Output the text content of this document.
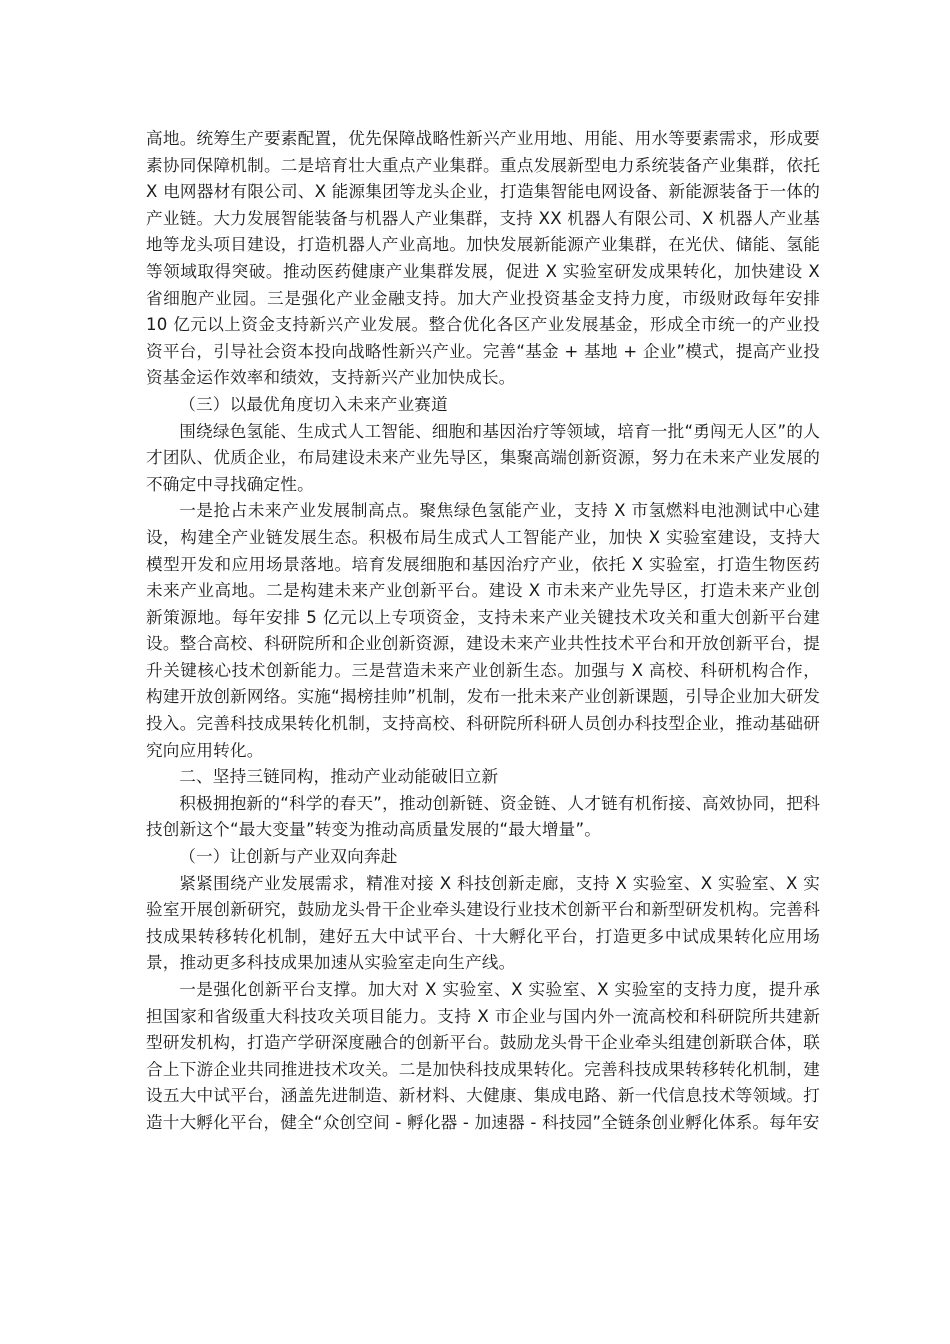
高地。统筹生产要素配置，优先保障战略性新兴产业用地、用能、用水等要素需求，形成要素协同保障机制。二是培育壮大重点产业集群。重点发展新型电力系统装备产业集群，依托 X 电网器材有限公司、X 能源集团等龙头企业，打造集智能电网设备、新能源装备于一体的产业链。大力发展智能装备与机器人产业集群，支持 XX 机器人有限公司、X 机器人产业基地等龙头项目建设，打造机器人产业高地。加快发展新能源产业集群，在光伏、储能、氢能等领域取得突破。推动医药健康产业集群发展，促进 X 实验室研发成果转化，加快建设 X 省细胞产业园。三是强化产业金融支持。加大产业投资基金支持力度，市级财政每年安排 10 亿元以上资金支持新兴产业发展。整合优化各区产业发展基金，形成全市统一的产业投资平台，引导社会资本投向战略性新兴产业。完善“基金 + 基地 + 企业”模式，提高产业投资基金运作效率和绩效，支持新兴产业加快成长。

（三）以最优角度切入未来产业赛道

围绕绿色氢能、生成式人工智能、细胞和基因治疗等领域，培育一批“勇闯无人区”的人才团队、优质企业，布局建设未来产业先导区，集聚高端创新资源，努力在未来产业发展的不确定中寻找确定性。

一是抢占未来产业发展制高点。聚焦绿色氢能产业，支持 X 市氢燃料电池测试中心建设，构建全产业链发展生态。积极布局生成式人工智能产业，加快 X 实验室建设，支持大模型开发和应用场景落地。培育发展细胞和基因治疗产业，依托 X 实验室，打造生物医药未来产业高地。二是构建未来产业创新平台。建设 X 市未来产业先导区，打造未来产业创新策源地。每年安排 5 亿元以上专项资金，支持未来产业关键技术攻关和重大创新平台建设。整合高校、科研院所和企业创新资源，建设未来产业共性技术平台和开放创新平台，提升关键核心技术创新能力。三是营造未来产业创新生态。加强与 X 高校、科研机构合作，构建开放创新网络。实施“揭榜挂帅”机制，发布一批未来产业创新课题，引导企业加大研发投入。完善科技成果转化机制，支持高校、科研院所科研人员创办科技型企业，推动基础研究向应用转化。

二、坚持三链同构，推动产业动能破旧立新

积极拥抱新的“科学的春天”，推动创新链、资金链、人才链有机衔接、高效协同，把科技创新这个“最大变量”转变为推动高质量发展的“最大增量”。

（一）让创新与产业双向奔赴

紧紧围绕产业发展需求，精准对接 X 科技创新走廊，支持 X 实验室、X 实验室、X 实验室开展创新研究，鼓励龙头骨干企业牵头建设行业技术创新平台和新型研发机构。完善科技成果转移转化机制，建好五大中试平台、十大孵化平台，打造更多中试成果转化应用场景，推动更多科技成果加速从实验室走向生产线。

一是强化创新平台支撑。加大对 X 实验室、X 实验室、X 实验室的支持力度，提升承担国家和省级重大科技攻关项目能力。支持 X 市企业与国内外一流高校和科研院所共建新型研发机构，打造产学研深度融合的创新平台。鼓励龙头骨干企业牵头组建创新联合体，联合上下游企业共同推进技术攻关。二是加快科技成果转化。完善科技成果转移转化机制，建设五大中试平台，涵盖先进制造、新材料、大健康、集成电路、新一代信息技术等领域。打造十大孵化平台，健全“众创空间 - 孵化器 - 加速器 - 科技园”全链条创业孵化体系。每年安
